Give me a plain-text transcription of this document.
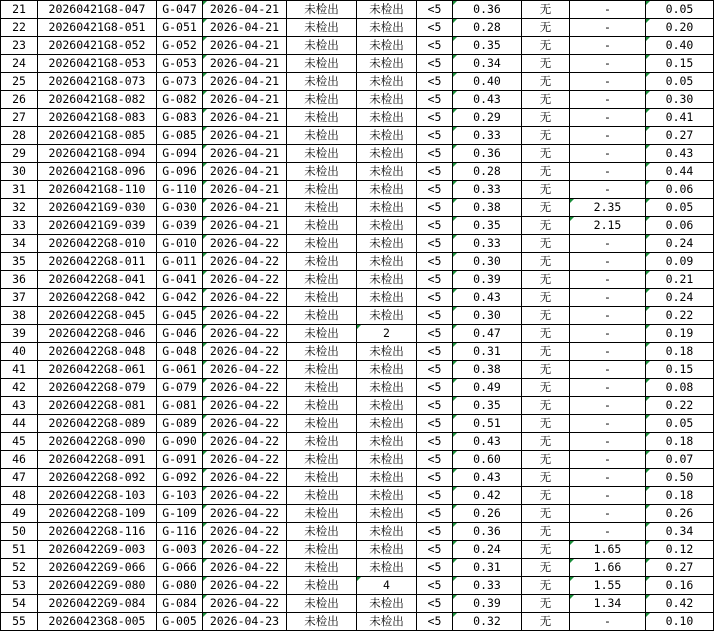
21	20260421G8-047	G-047	2026-04-21	未检出	未检出	<5	0.36	无	-	0.05
22	20260421G8-051	G-051	2026-04-21	未检出	未检出	<5	0.28	无	-	0.20
23	20260421G8-052	G-052	2026-04-21	未检出	未检出	<5	0.35	无	-	0.40
24	20260421G8-053	G-053	2026-04-21	未检出	未检出	<5	0.34	无	-	0.15
25	20260421G8-073	G-073	2026-04-21	未检出	未检出	<5	0.40	无	-	0.05
26	20260421G8-082	G-082	2026-04-21	未检出	未检出	<5	0.43	无	-	0.30
27	20260421G8-083	G-083	2026-04-21	未检出	未检出	<5	0.29	无	-	0.41
28	20260421G8-085	G-085	2026-04-21	未检出	未检出	<5	0.33	无	-	0.27
29	20260421G8-094	G-094	2026-04-21	未检出	未检出	<5	0.36	无	-	0.43
30	20260421G8-096	G-096	2026-04-21	未检出	未检出	<5	0.28	无	-	0.44
31	20260421G8-110	G-110	2026-04-21	未检出	未检出	<5	0.33	无	-	0.06
32	20260421G9-030	G-030	2026-04-21	未检出	未检出	<5	0.38	无	2.35	0.05
33	20260421G9-039	G-039	2026-04-21	未检出	未检出	<5	0.35	无	2.15	0.06
34	20260422G8-010	G-010	2026-04-22	未检出	未检出	<5	0.33	无	-	0.24
35	20260422G8-011	G-011	2026-04-22	未检出	未检出	<5	0.30	无	-	0.09
36	20260422G8-041	G-041	2026-04-22	未检出	未检出	<5	0.39	无	-	0.21
37	20260422G8-042	G-042	2026-04-22	未检出	未检出	<5	0.43	无	-	0.24
38	20260422G8-045	G-045	2026-04-22	未检出	未检出	<5	0.30	无	-	0.22
39	20260422G8-046	G-046	2026-04-22	未检出	2	<5	0.47	无	-	0.19
40	20260422G8-048	G-048	2026-04-22	未检出	未检出	<5	0.31	无	-	0.18
41	20260422G8-061	G-061	2026-04-22	未检出	未检出	<5	0.38	无	-	0.15
42	20260422G8-079	G-079	2026-04-22	未检出	未检出	<5	0.49	无	-	0.08
43	20260422G8-081	G-081	2026-04-22	未检出	未检出	<5	0.35	无	-	0.22
44	20260422G8-089	G-089	2026-04-22	未检出	未检出	<5	0.51	无	-	0.05
45	20260422G8-090	G-090	2026-04-22	未检出	未检出	<5	0.43	无	-	0.18
46	20260422G8-091	G-091	2026-04-22	未检出	未检出	<5	0.60	无	-	0.07
47	20260422G8-092	G-092	2026-04-22	未检出	未检出	<5	0.43	无	-	0.50
48	20260422G8-103	G-103	2026-04-22	未检出	未检出	<5	0.42	无	-	0.18
49	20260422G8-109	G-109	2026-04-22	未检出	未检出	<5	0.26	无	-	0.26
50	20260422G8-116	G-116	2026-04-22	未检出	未检出	<5	0.36	无	-	0.34
51	20260422G9-003	G-003	2026-04-22	未检出	未检出	<5	0.24	无	1.65	0.12
52	20260422G9-066	G-066	2026-04-22	未检出	未检出	<5	0.31	无	1.66	0.27
53	20260422G9-080	G-080	2026-04-22	未检出	4	<5	0.33	无	1.55	0.16
54	20260422G9-084	G-084	2026-04-22	未检出	未检出	<5	0.39	无	1.34	0.42
55	20260423G8-005	G-005	2026-04-23	未检出	未检出	<5	0.32	无	-	0.10
